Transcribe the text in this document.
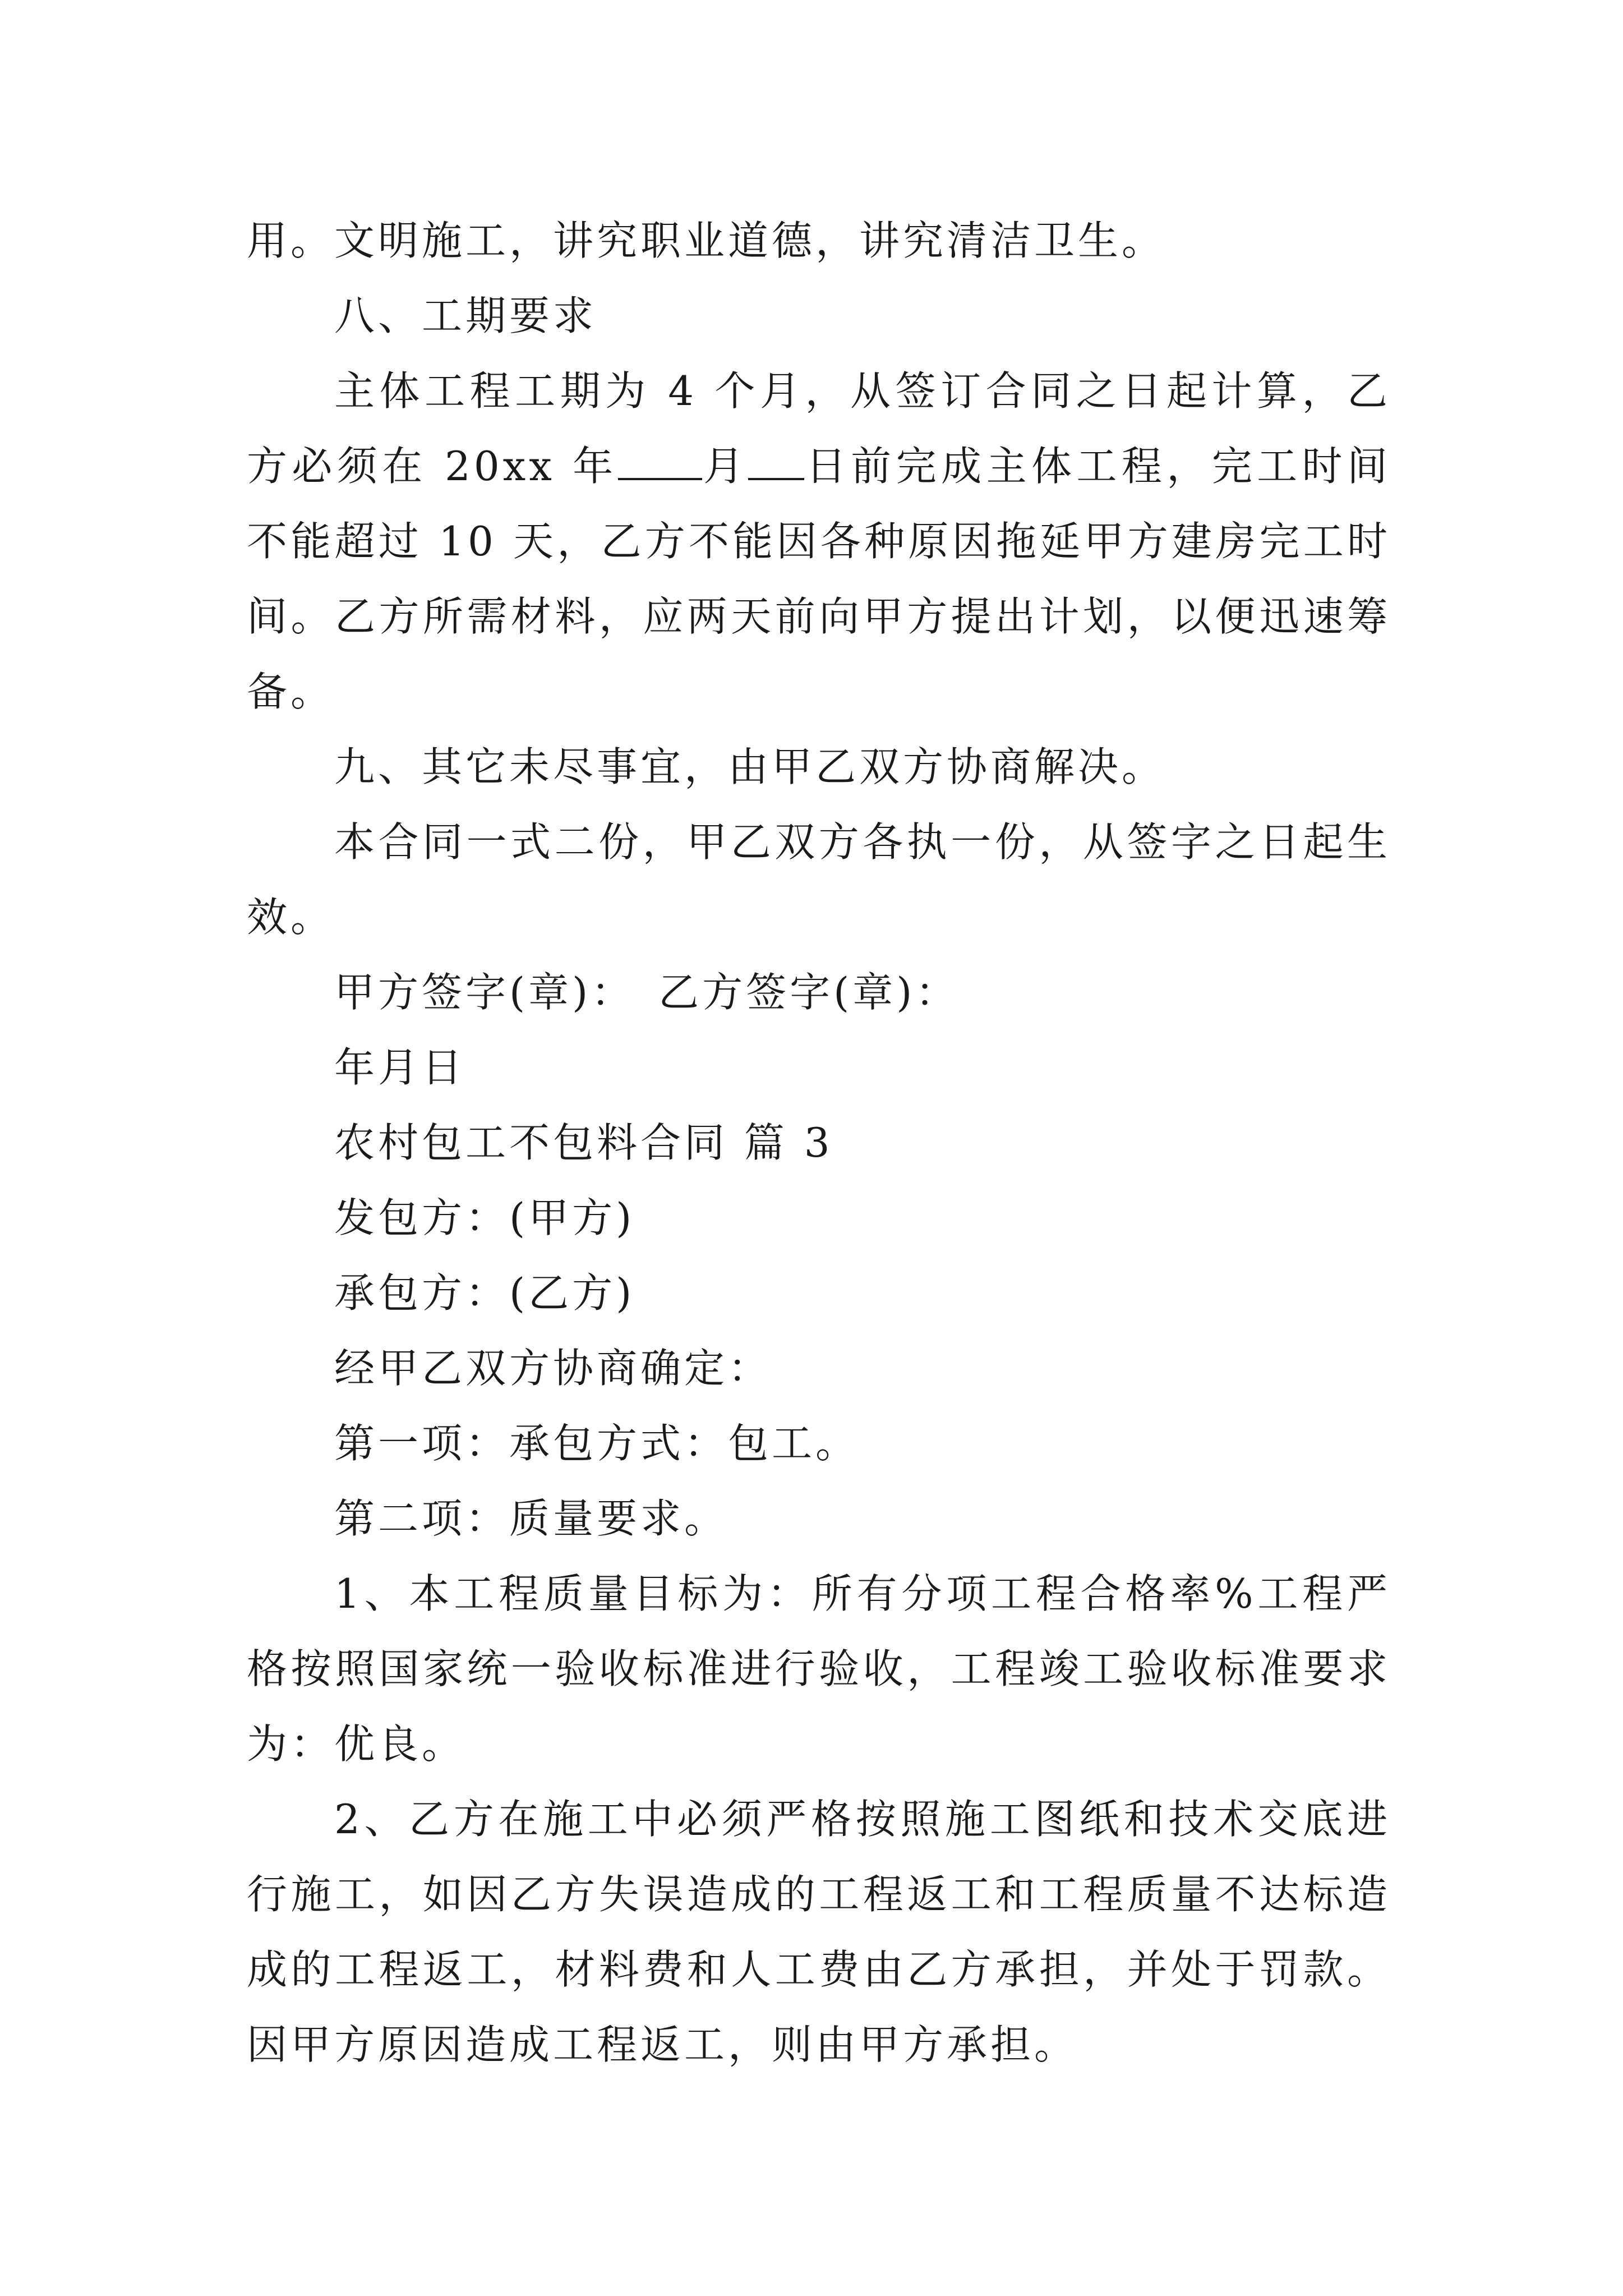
用。文明施工，讲究职业道德，讲究清洁卫生。

八、工期要求

主体工程工期为 4 个月，从签订合同之日起计算，乙方必须在 20xx 年 月 日前完成主体工程，完工时间不能超过 10 天，乙方不能因各种原因拖延甲方建房完工时间。乙方所需材料，应两天前向甲方提出计划，以便迅速筹备。

九、其它未尽事宜，由甲乙双方协商解决。

本合同一式二份，甲乙双方各执一份，从签字之日起生效。

甲方签字(章)：　乙方签字(章)：

年月日

农村包工不包料合同 篇 3

发包方：(甲方)

承包方：(乙方)

经甲乙双方协商确定：

第一项：承包方式：包工。

第二项：质量要求。

1、本工程质量目标为：所有分项工程合格率%工程严格按照国家统一验收标准进行验收，工程竣工验收标准要求为：优良。

2、乙方在施工中必须严格按照施工图纸和技术交底进行施工，如因乙方失误造成的工程返工和工程质量不达标造成的工程返工，材料费和人工费由乙方承担，并处于罚款。因甲方原因造成工程返工，则由甲方承担。
